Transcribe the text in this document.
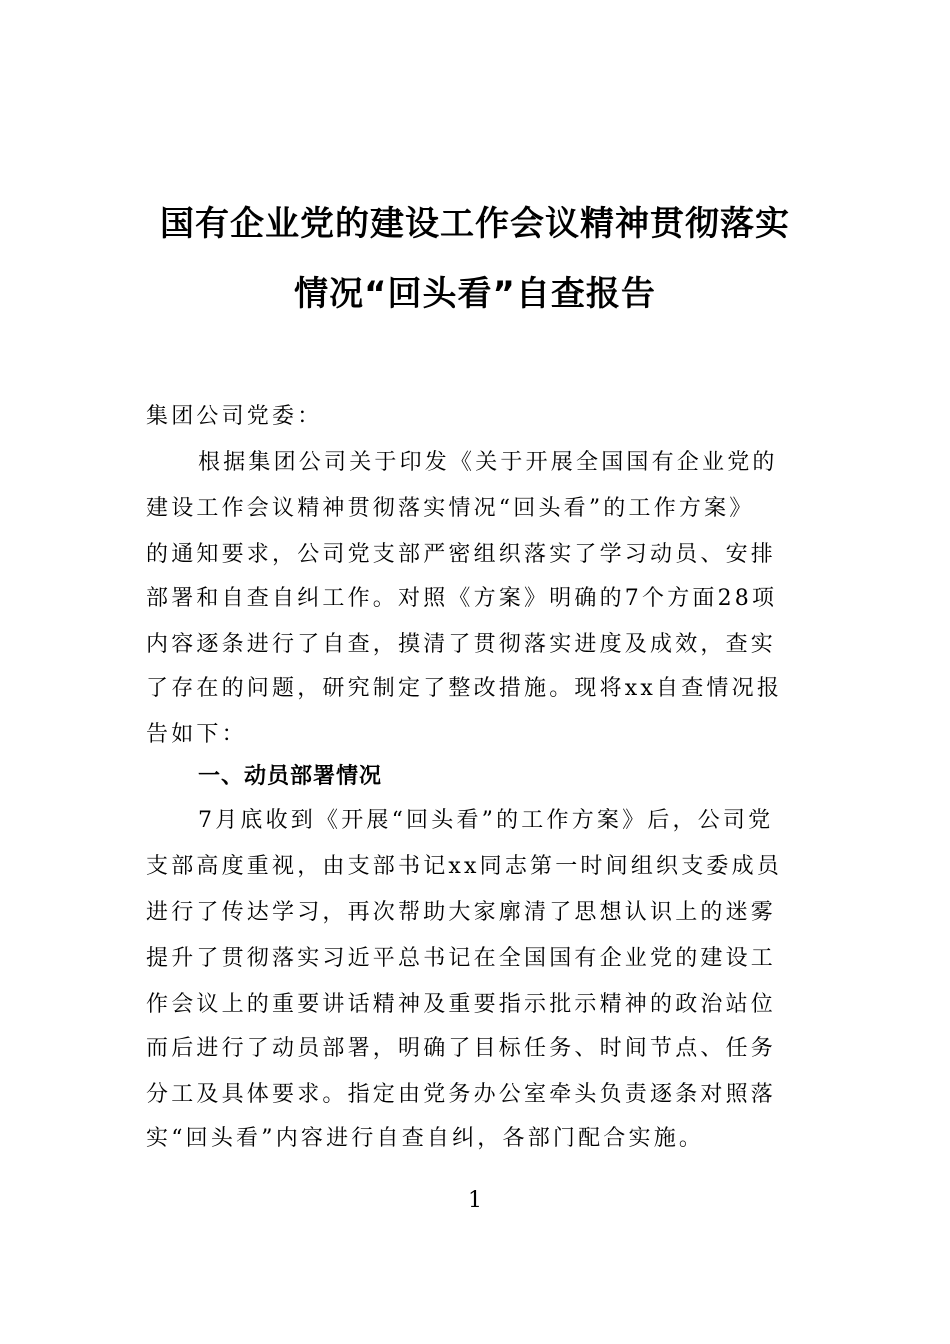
国有企业党的建设工作会议精神贯彻落实
情况“回头看”自查报告
集团公司党委：
根据集团公司关于印发《关于开展全国国有企业党的
建设工作会议精神贯彻落实情况“回头看”的工作方案》
的通知要求，公司党支部严密组织落实了学习动员、安排
部署和自查自纠工作。对照《方案》明确的7个方面28项
内容逐条进行了自查，摸清了贯彻落实进度及成效，查实
了存在的问题，研究制定了整改措施。现将xx自查情况报
告如下：
一、动员部署情况
7月底收到《开展“回头看”的工作方案》后，公司党
支部高度重视，由支部书记xx同志第一时间组织支委成员
进行了传达学习，再次帮助大家廓清了思想认识上的迷雾
提升了贯彻落实习近平总书记在全国国有企业党的建设工
作会议上的重要讲话精神及重要指示批示精神的政治站位
而后进行了动员部署，明确了目标任务、时间节点、任务
分工及具体要求。指定由党务办公室牵头负责逐条对照落
实“回头看”内容进行自查自纠，各部门配合实施。
1
